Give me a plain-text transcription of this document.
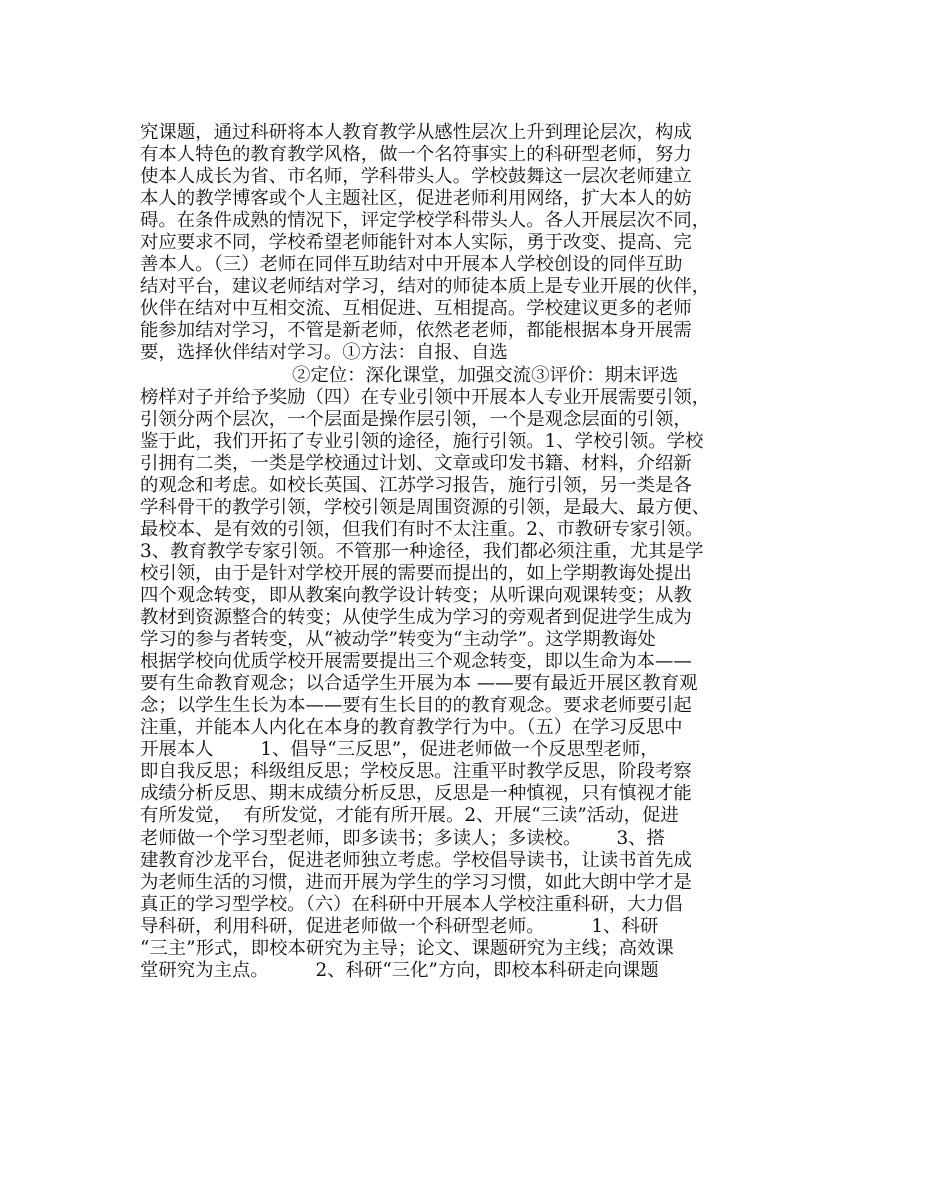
究课题，通过科研将本人教育教学从感性层次上升到理论层次，构成
有本人特色的教育教学风格，做一个名符事实上的科研型老师，努力
使本人成长为省、市名师，学科带头人。学校鼓舞这一层次老师建立
本人的教学博客或个人主题社区，促进老师利用网络，扩大本人的妨
碍。在条件成熟的情况下，评定学校学科带头人。各人开展层次不同，
对应要求不同，学校希望老师能针对本人实际，勇于改变、提高、完
善本人。（三）老师在同伴互助结对中开展本人学校创设的同伴互助
结对平台，建议老师结对学习，结对的师徒本质上是专业开展的伙伴，
伙伴在结对中互相交流、互相促进、互相提高。学校建议更多的老师
能参加结对学习，不管是新老师，依然老老师，都能根据本身开展需
要，选择伙伴结对学习。①方法：自报、自选
②定位：深化课堂，加强交流③评价：期末评选
榜样对子并给予奖励（四）在专业引领中开展本人专业开展需要引领，
引领分两个层次，一个层面是操作层引领，一个是观念层面的引领，
鉴于此，我们开拓了专业引领的途径，施行引领。1、学校引领。学校
引拥有二类，一类是学校通过计划、文章或印发书籍、材料，介绍新
的观念和考虑。如校长英国、江苏学习报告，施行引领，另一类是各
学科骨干的教学引领，学校引领是周围资源的引领，是最大、最方便、
最校本、是有效的引领，但我们有时不太注重。2、市教研专家引领。
3、教育教学专家引领。不管那一种途径，我们都必须注重，尤其是学
校引领，由于是针对学校开展的需要而提出的，如上学期教诲处提出
四个观念转变，即从教案向教学设计转变；从听课向观课转变；从教
教材到资源整合的转变；从使学生成为学习的旁观者到促进学生成为
学习的参与者转变，从“被动学”转变为“主动学”。这学期教诲处
根据学校向优质学校开展需要提出三个观念转变，即以生命为本——
要有生命教育观念；以合适学生开展为本 ——要有最近开展区教育观
念；以学生生长为本——要有生长目的的教育观念。要求老师要引起
注重，并能本人内化在本身的教育教学行为中。（五）在学习反思中
开展本人        1、倡导“三反思”，促进老师做一个反思型老师，
即自我反思；科级组反思；学校反思。注重平时教学反思，阶段考察
成绩分析反思、期末成绩分析反思，反思是一种慎视，只有慎视才能
有所发觉，  有所发觉，才能有所开展。2、开展“三读”活动，促进
老师做一个学习型老师，即多读书；多读人；多读校。      3、搭
建教育沙龙平台，促进老师独立考虑。学校倡导读书，让读书首先成
为老师生活的习惯，进而开展为学生的学习习惯，如此大朗中学才是
真正的学习型学校。（六）在科研中开展本人学校注重科研，大力倡
导科研，利用科研，促进老师做一个科研型老师。        1、科研
“三主”形式，即校本研究为主导；论文、课题研究为主线；高效课
堂研究为主点。        2、科研“三化”方向，即校本科研走向课题
